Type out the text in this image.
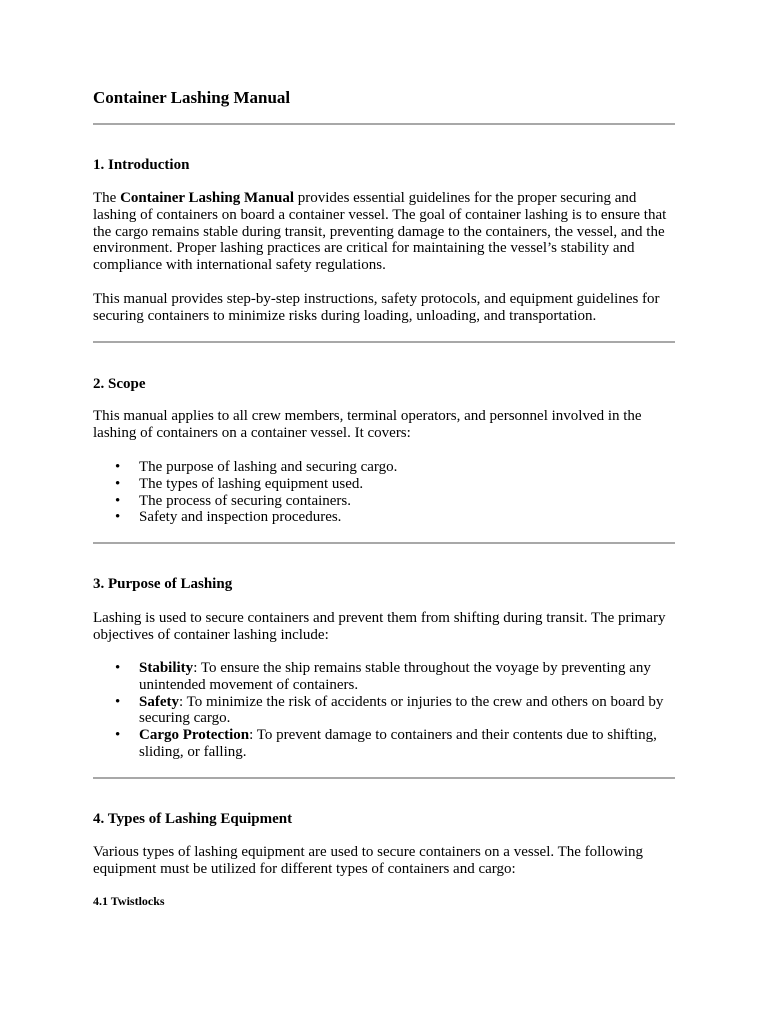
Container Lashing Manual
1. Introduction

The Container Lashing Manual provides essential guidelines for the proper securing and lashing of containers on board a container vessel. The goal of container lashing is to ensure that the cargo remains stable during transit, preventing damage to the containers, the vessel, and the environment. Proper lashing practices are critical for maintaining the vessel’s stability and compliance with international safety regulations.

This manual provides step-by-step instructions, safety protocols, and equipment guidelines for securing containers to minimize risks during loading, unloading, and transportation.

2. Scope

This manual applies to all crew members, terminal operators, and personnel involved in the lashing of containers on a container vessel. It covers:

• The purpose of lashing and securing cargo.
• The types of lashing equipment used.
• The process of securing containers.
• Safety and inspection procedures.
3. Purpose of Lashing

Lashing is used to secure containers and prevent them from shifting during transit. The primary objectives of container lashing include:

• Stability: To ensure the ship remains stable throughout the voyage by preventing any unintended movement of containers.
• Safety: To minimize the risk of accidents or injuries to the crew and others on board by securing cargo.
• Cargo Protection: To prevent damage to containers and their contents due to shifting, sliding, or falling.
4. Types of Lashing Equipment

Various types of lashing equipment are used to secure containers on a vessel. The following equipment must be utilized for different types of containers and cargo:

4.1 Twistlocks
